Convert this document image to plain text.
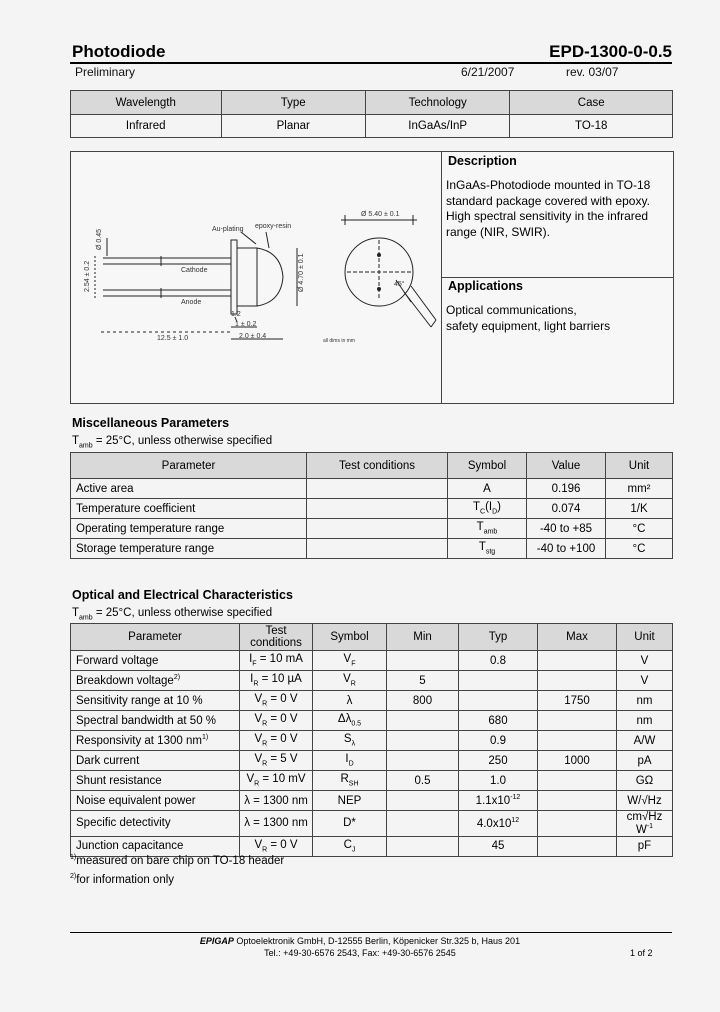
Photodiode	EPD-1300-0-0.5
Preliminary	6/21/2007	rev. 03/07
Wavelength	Type	Technology	Case
Infrared	Planar	InGaAs/InP	TO-18
Au-plating epoxy-resin
Cathode
Anode
Ø 5.40 ± 0.1
Ø 0.45
2.54 ± 0.2	Ø 4.70 ± 0.1
12.5 ± 1.0
1 ± 0.2
2.0 ± 0.4
1.2
45°
all dims in mm
Description
InGaAs-Photodiode mounted in TO-18
standard package covered with epoxy.
High spectral sensitivity in the infrared
range (NIR, SWIR).
Applications
Optical communications,
safety equipment, light barriers
Miscellaneous Parameters
$T_{amb} = 25^\circ C$, unless otherwise specified
Parameter	Test conditions	Symbol	Value	Unit
Active area		A	0.196	mm²
Temperature coefficient		$T_C(I_D)$	0.074	1/K
Operating temperature range		$T_{amb}$	-40 to +85	°C
Storage temperature range		$T_{stg}$	-40 to +100	°C
Optical and Electrical Characteristics
$T_{amb} = 25^\circ C$, unless otherwise specified
Parameter	Test conditions	Symbol	Min	Typ	Max	Unit
Forward voltage	$I_F = 10$ mA	$V_F$		0.8		V
Breakdown voltage$^{2)}$	$I_R = 10$ µA	$V_R$	5			V
Sensitivity range at 10 %	$V_R = 0$ V	λ	800		1750	nm
Spectral bandwidth at 50 %	$V_R = 0$ V	$\Delta\lambda_{0.5}$		680		nm
Responsivity at 1300 $nm^{1)}$	$V_R = 0$ V	$S_\lambda$		0.9		A/W
Dark current	$V_R = 5$ V	$I_D$		250	1000	pA
Shunt resistance	$V_R = 10$ mV	$R_{SH}$	0.5	1.0		GΩ
Noise equivalent power	λ = 1300 nm	NEP		$1.1x10^{-12}$		W/√Hz
Specific detectivity	λ = 1300 nm	D*		$4.0x10^{12}$		cm√Hz $W^{-1}$
Junction capacitance	$V_R = 0$ V	$C_J$		45		pF
$^{1)}$measured on bare chip on TO-18 header
$^{2)}$for information only
EPIGAP Optoelektronik GmbH, D-12555 Berlin, Köpenicker Str.325 b, Haus 201
Tel.: +49-30-6576 2543, Fax: +49-30-6576 2545	1 of 2
